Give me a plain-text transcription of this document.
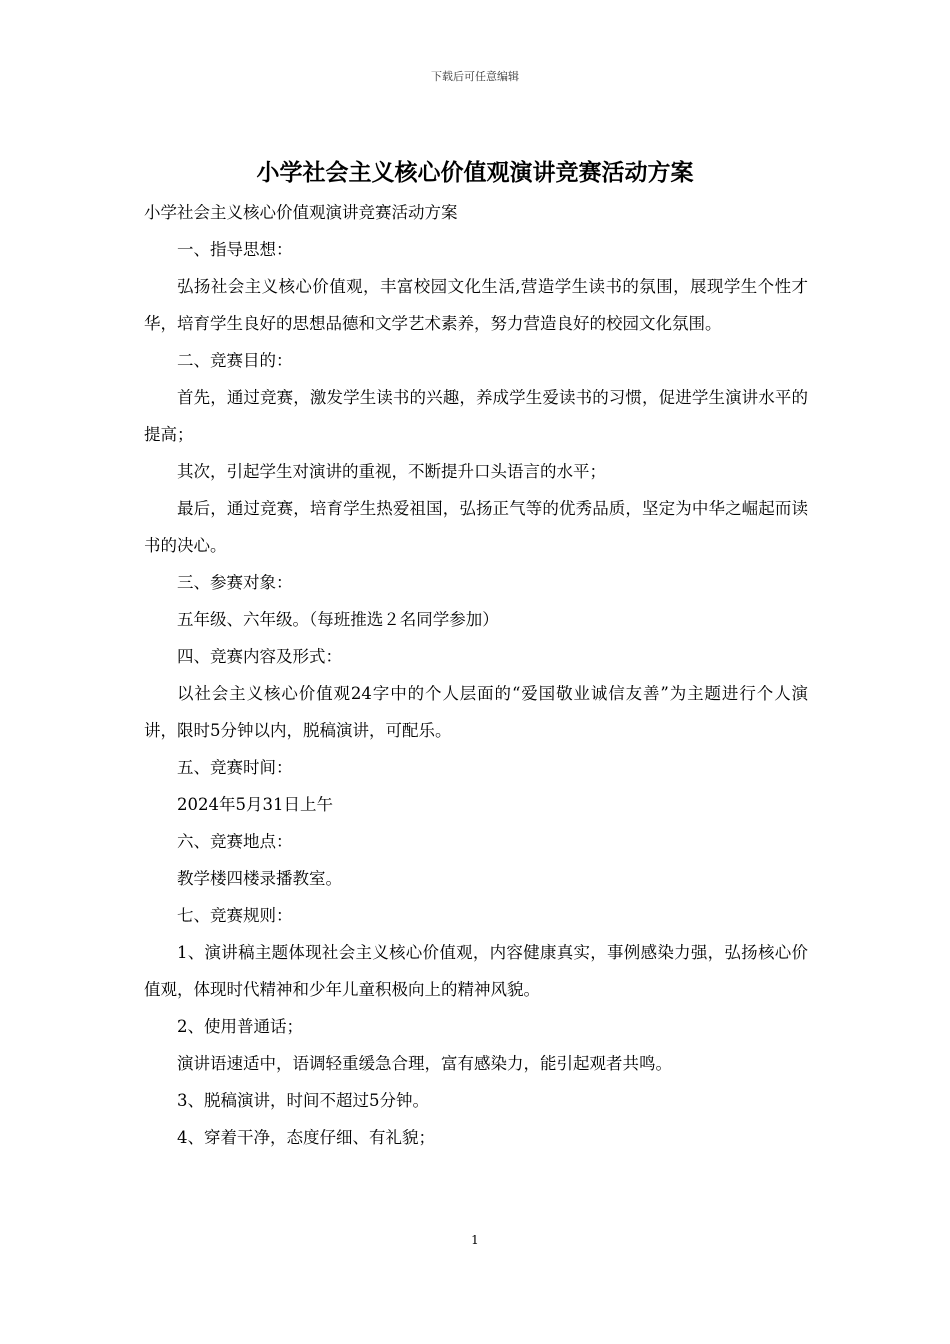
下载后可任意编辑
小学社会主义核心价值观演讲竞赛活动方案

小学社会主义核心价值观演讲竞赛活动方案

一、指导思想：

弘扬社会主义核心价值观，丰富校园文化生活,营造学生读书的氛围，展现学生个性才华，培育学生良好的思想品德和文学艺术素养，努力营造良好的校园文化氛围。

二、竞赛目的：

首先，通过竞赛，激发学生读书的兴趣，养成学生爱读书的习惯，促进学生演讲水平的提高；

其次，引起学生对演讲的重视，不断提升口头语言的水平；

最后，通过竞赛，培育学生热爱祖国，弘扬正气等的优秀品质，坚定为中华之崛起而读书的决心。

三、参赛对象：

五年级、六年级。（每班推选２名同学参加）

四、竞赛内容及形式：

以社会主义核心价值观24字中的个人层面的“爱国敬业诚信友善”为主题进行个人演讲，限时5分钟以内，脱稿演讲，可配乐。

五、竞赛时间：

2024年5月31日上午

六、竞赛地点：

教学楼四楼录播教室。

七、竞赛规则：

1、演讲稿主题体现社会主义核心价值观，内容健康真实，事例感染力强，弘扬核心价值观，体现时代精神和少年儿童积极向上的精神风貌。

2、使用普通话；

演讲语速适中，语调轻重缓急合理，富有感染力，能引起观者共鸣。

3、脱稿演讲，时间不超过5分钟。

4、穿着干净，态度仔细、有礼貌；

1
